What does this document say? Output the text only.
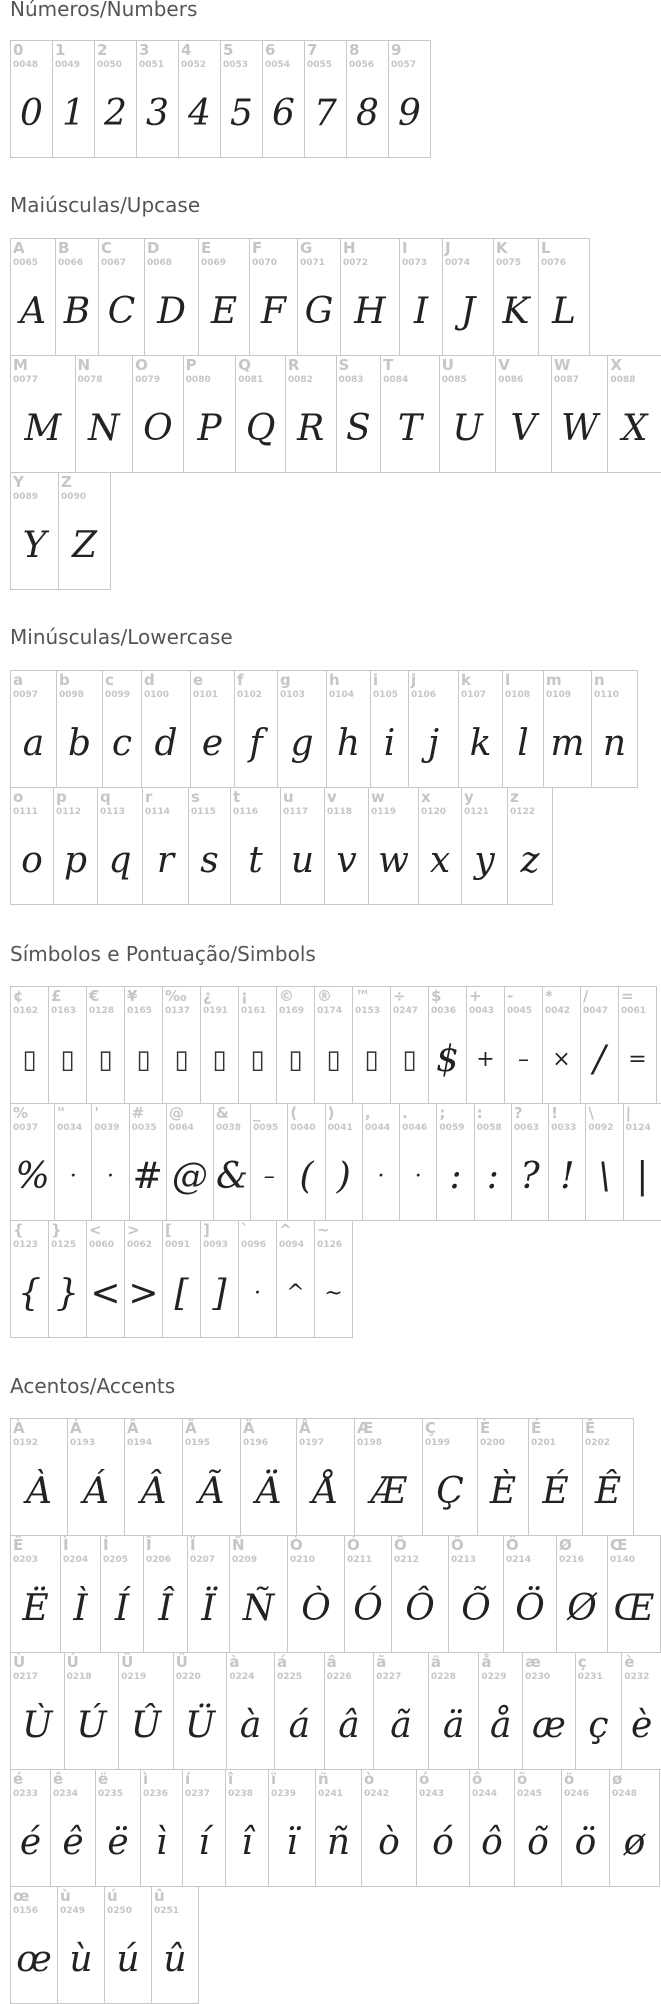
Números/Numbers
0
0048
0
1
0049
1
2
0050
2
3
0051
3
4
0052
4
5
0053
5
6
0054
6
7
0055
7
8
0056
8
9
0057
9
Maiúsculas/Upcase
A
0065
A
B
0066
B
C
0067
C
D
0068
D
E
0069
E
F
0070
F
G
0071
G
H
0072
H
I
0073
I
J
0074
J
K
0075
K
L
0076
L
M
0077
M
N
0078
N
O
0079
O
P
0080
P
Q
0081
Q
R
0082
R
S
0083
S
T
0084
T
U
0085
U
V
0086
V
W
0087
W
X
0088
X
Y
0089
Y
Z
0090
Z
Minúsculas/Lowercase
a
0097
a
b
0098
b
c
0099
c
d
0100
d
e
0101
e
f
0102
f
g
0103
g
h
0104
h
i
0105
i
j
0106
j
k
0107
k
l
0108
l
m
0109
m
n
0110
n
o
0111
o
p
0112
p
q
0113
q
r
0114
r
s
0115
s
t
0116
t
u
0117
u
v
0118
v
w
0119
w
x
0120
x
y
0121
y
z
0122
z
Símbolos e Pontuação/Simbols
¢
0162
▯
£
0163
▯
€
0128
▯
¥
0165
▯
‰
0137
▯
¿
0191
▯
¡
0161
▯
©
0169
▯
®
0174
▯
™
0153
▯
÷
0247
▯
$
0036
$
+
0043
+
-
0045
–
*
0042
×
/
0047
/
=
0061
=
%
0037
%
"
0034
·
'
0039
·
#
0035
#
@
0064
@
&
0038
&
_
0095
–
(
0040
(
)
0041
)
,
0044
·
.
0046
·
;
0059
:
:
0058
:
?
0063
?
!
0033
!
\
0092
\
|
0124
|
{
0123
{
}
0125
}
<
0060
<
>
0062
>
[
0091
[
]
0093
]
`
0096
·
^
0094
^
~
0126
~
Acentos/Accents
À
0192
À
Á
0193
Á
Â
0194
Â
Ã
0195
Ã
Ä
0196
Ä
Å
0197
Å
Æ
0198
Æ
Ç
0199
Ç
È
0200
È
É
0201
É
Ê
0202
Ê
Ë
0203
Ë
Ì
0204
Ì
Í
0205
Í
Î
0206
Î
Ï
0207
Ï
Ñ
0209
Ñ
Ò
0210
Ò
Ó
0211
Ó
Ô
0212
Ô
Õ
0213
Õ
Ö
0214
Ö
Ø
0216
Ø
Œ
0140
Œ
Ù
0217
Ù
Ú
0218
Ú
Û
0219
Û
Ü
0220
Ü
à
0224
à
á
0225
á
â
0226
â
ã
0227
ã
ä
0228
ä
å
0229
å
æ
0230
æ
ç
0231
ç
è
0232
è
é
0233
é
ê
0234
ê
ë
0235
ë
ì
0236
ì
í
0237
í
î
0238
î
ï
0239
ï
ñ
0241
ñ
ò
0242
ò
ó
0243
ó
ô
0244
ô
õ
0245
õ
ö
0246
ö
ø
0248
ø
œ
0156
œ
ù
0249
ù
ú
0250
ú
û
0251
û
